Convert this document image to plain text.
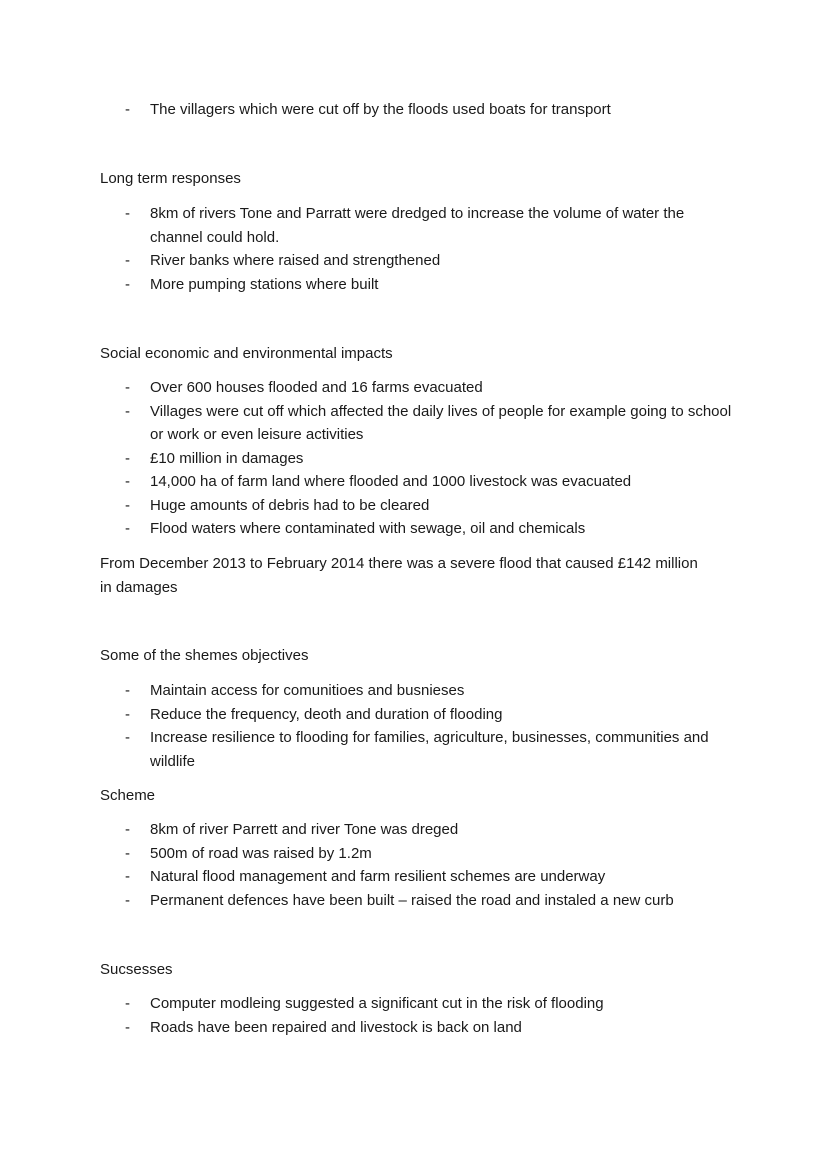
- The villagers which were cut off by the floods used boats for transport
Long term responses
- 8km of rivers Tone and Parratt were dredged to increase the volume of water the channel could hold.
- River banks where raised and strengthened
- More pumping stations where built
Social economic and environmental impacts
- Over 600 houses flooded and 16 farms evacuated
- Villages were cut off which affected the daily lives of people for example going to school or work or even leisure activities
- £10 million in damages
- 14,000 ha of farm land where flooded and 1000 livestock was evacuated
- Huge amounts of debris had to be cleared
- Flood waters where contaminated with sewage, oil and chemicals

From December 2013 to February 2014 there was a severe flood that caused £142 million in damages

Some of the shemes objectives
- Maintain access for comunitioes and busnieses
- Reduce the frequency, deoth and duration of flooding
- Increase resilience to flooding for families, agriculture, businesses, communities and wildlife
Scheme
- 8km of river Parrett and river Tone was dreged
- 500m of road was raised by 1.2m
- Natural flood management and farm resilient schemes are underway
- Permanent defences have been built – raised the road and instaled a new curb
Sucsesses
- Computer modleing suggested a significant cut in the risk of flooding
- Roads have been repaired and livestock is back on land
